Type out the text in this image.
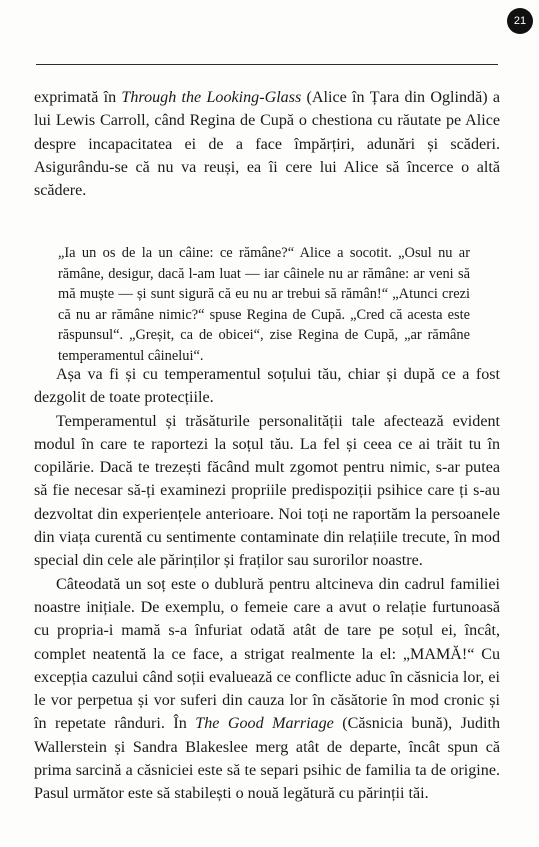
21

exprimată în Through the Looking-Glass (Alice în Țara din Oglindă) a lui Lewis Carroll, când Regina de Cupă o chestiona cu răutate pe Alice despre incapacitatea ei de a face împărțiri, adunări și scăderi. Asigurându-se că nu va reuși, ea îi cere lui Alice să încerce o altă scădere.

„Ia un os de la un câine: ce rămâne?“ Alice a socotit. „Osul nu ar rămâne, desigur, dacă l-am luat — iar câinele nu ar rămâne: ar veni să mă muște — și sunt sigură că eu nu ar trebui să rămân!“ „Atunci crezi că nu ar rămâne nimic?“ spuse Regina de Cupă. „Cred că acesta este răspunsul“. „Greșit, ca de obicei“, zise Regina de Cupă, „ar rămâne temperamentul câinelui“.

Așa va fi și cu temperamentul soțului tău, chiar și după ce a fost dezgolit de toate protecțiile.

Temperamentul și trăsăturile personalității tale afectează evident modul în care te raportezi la soțul tău. La fel și ceea ce ai trăit tu în copilărie. Dacă te trezești făcând mult zgomot pentru nimic, s-ar putea să fie necesar să-ți examinezi propriile predispoziții psihice care ți s-au dezvoltat din experiențele anterioare. Noi toți ne raportăm la persoanele din viața curentă cu sentimente contaminate din relațiile trecute, în mod special din cele ale părinților și fraților sau surorilor noastre.

Câteodată un soț este o dublură pentru altcineva din cadrul familiei noastre inițiale. De exemplu, o femeie care a avut o relație furtunoasă cu propria-i mamă s-a înfuriat odată atât de tare pe soțul ei, încât, complet neatentă la ce face, a strigat realmente la el: „MAMĂ!“ Cu excepția cazului când soții evaluează ce conflicte aduc în căsnicia lor, ei le vor perpetua și vor suferi din cauza lor în căsătorie în mod cronic și în repetate rânduri. În The Good Marriage (Căsnicia bună), Judith Wallerstein și Sandra Blakeslee merg atât de departe, încât spun că prima sarcină a căsniciei este să te separi psihic de familia ta de origine. Pasul următor este să stabilești o nouă legătură cu părinții tăi.
